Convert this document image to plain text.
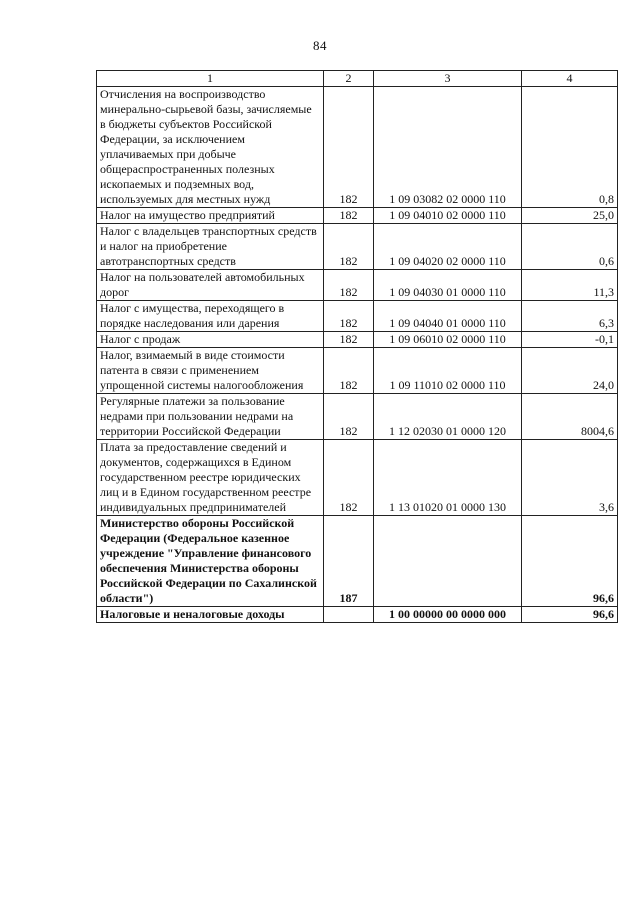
84
1	2	3	4
Отчисления на воспроизводство минерально-сырьевой базы, зачисляемые в бюджеты субъектов Российской Федерации, за исключением уплачиваемых при добыче общераспространенных полезных ископаемых и подземных вод, используемых для местных нужд	182	1 09 03082 02 0000 110	0,8
Налог на имущество предприятий	182	1 09 04010 02 0000 110	25,0
Налог с владельцев транспортных средств и налог на приобретение автотранспортных средств	182	1 09 04020 02 0000 110	0,6
Налог на пользователей автомобильных дорог	182	1 09 04030 01 0000 110	11,3
Налог с имущества, переходящего в порядке наследования или дарения	182	1 09 04040 01 0000 110	6,3
Налог с продаж	182	1 09 06010 02 0000 110	-0,1
Налог, взимаемый в виде стоимости патента в связи с применением упрощенной системы налогообложения	182	1 09 11010 02 0000 110	24,0
Регулярные платежи за пользование недрами при пользовании недрами на территории Российской Федерации	182	1 12 02030 01 0000 120	8004,6
Плата за предоставление сведений и документов, содержащихся в Едином государственном реестре юридических лиц и в Едином государственном реестре индивидуальных предпринимателей	182	1 13 01020 01 0000 130	3,6
Министерство обороны Российской Федерации (Федеральное казенное учреждение "Управление финансового обеспечения Министерства обороны Российской Федерации по Сахалинской области")	187		96,6
Налоговые и неналоговые доходы		1 00 00000 00 0000 000	96,6
